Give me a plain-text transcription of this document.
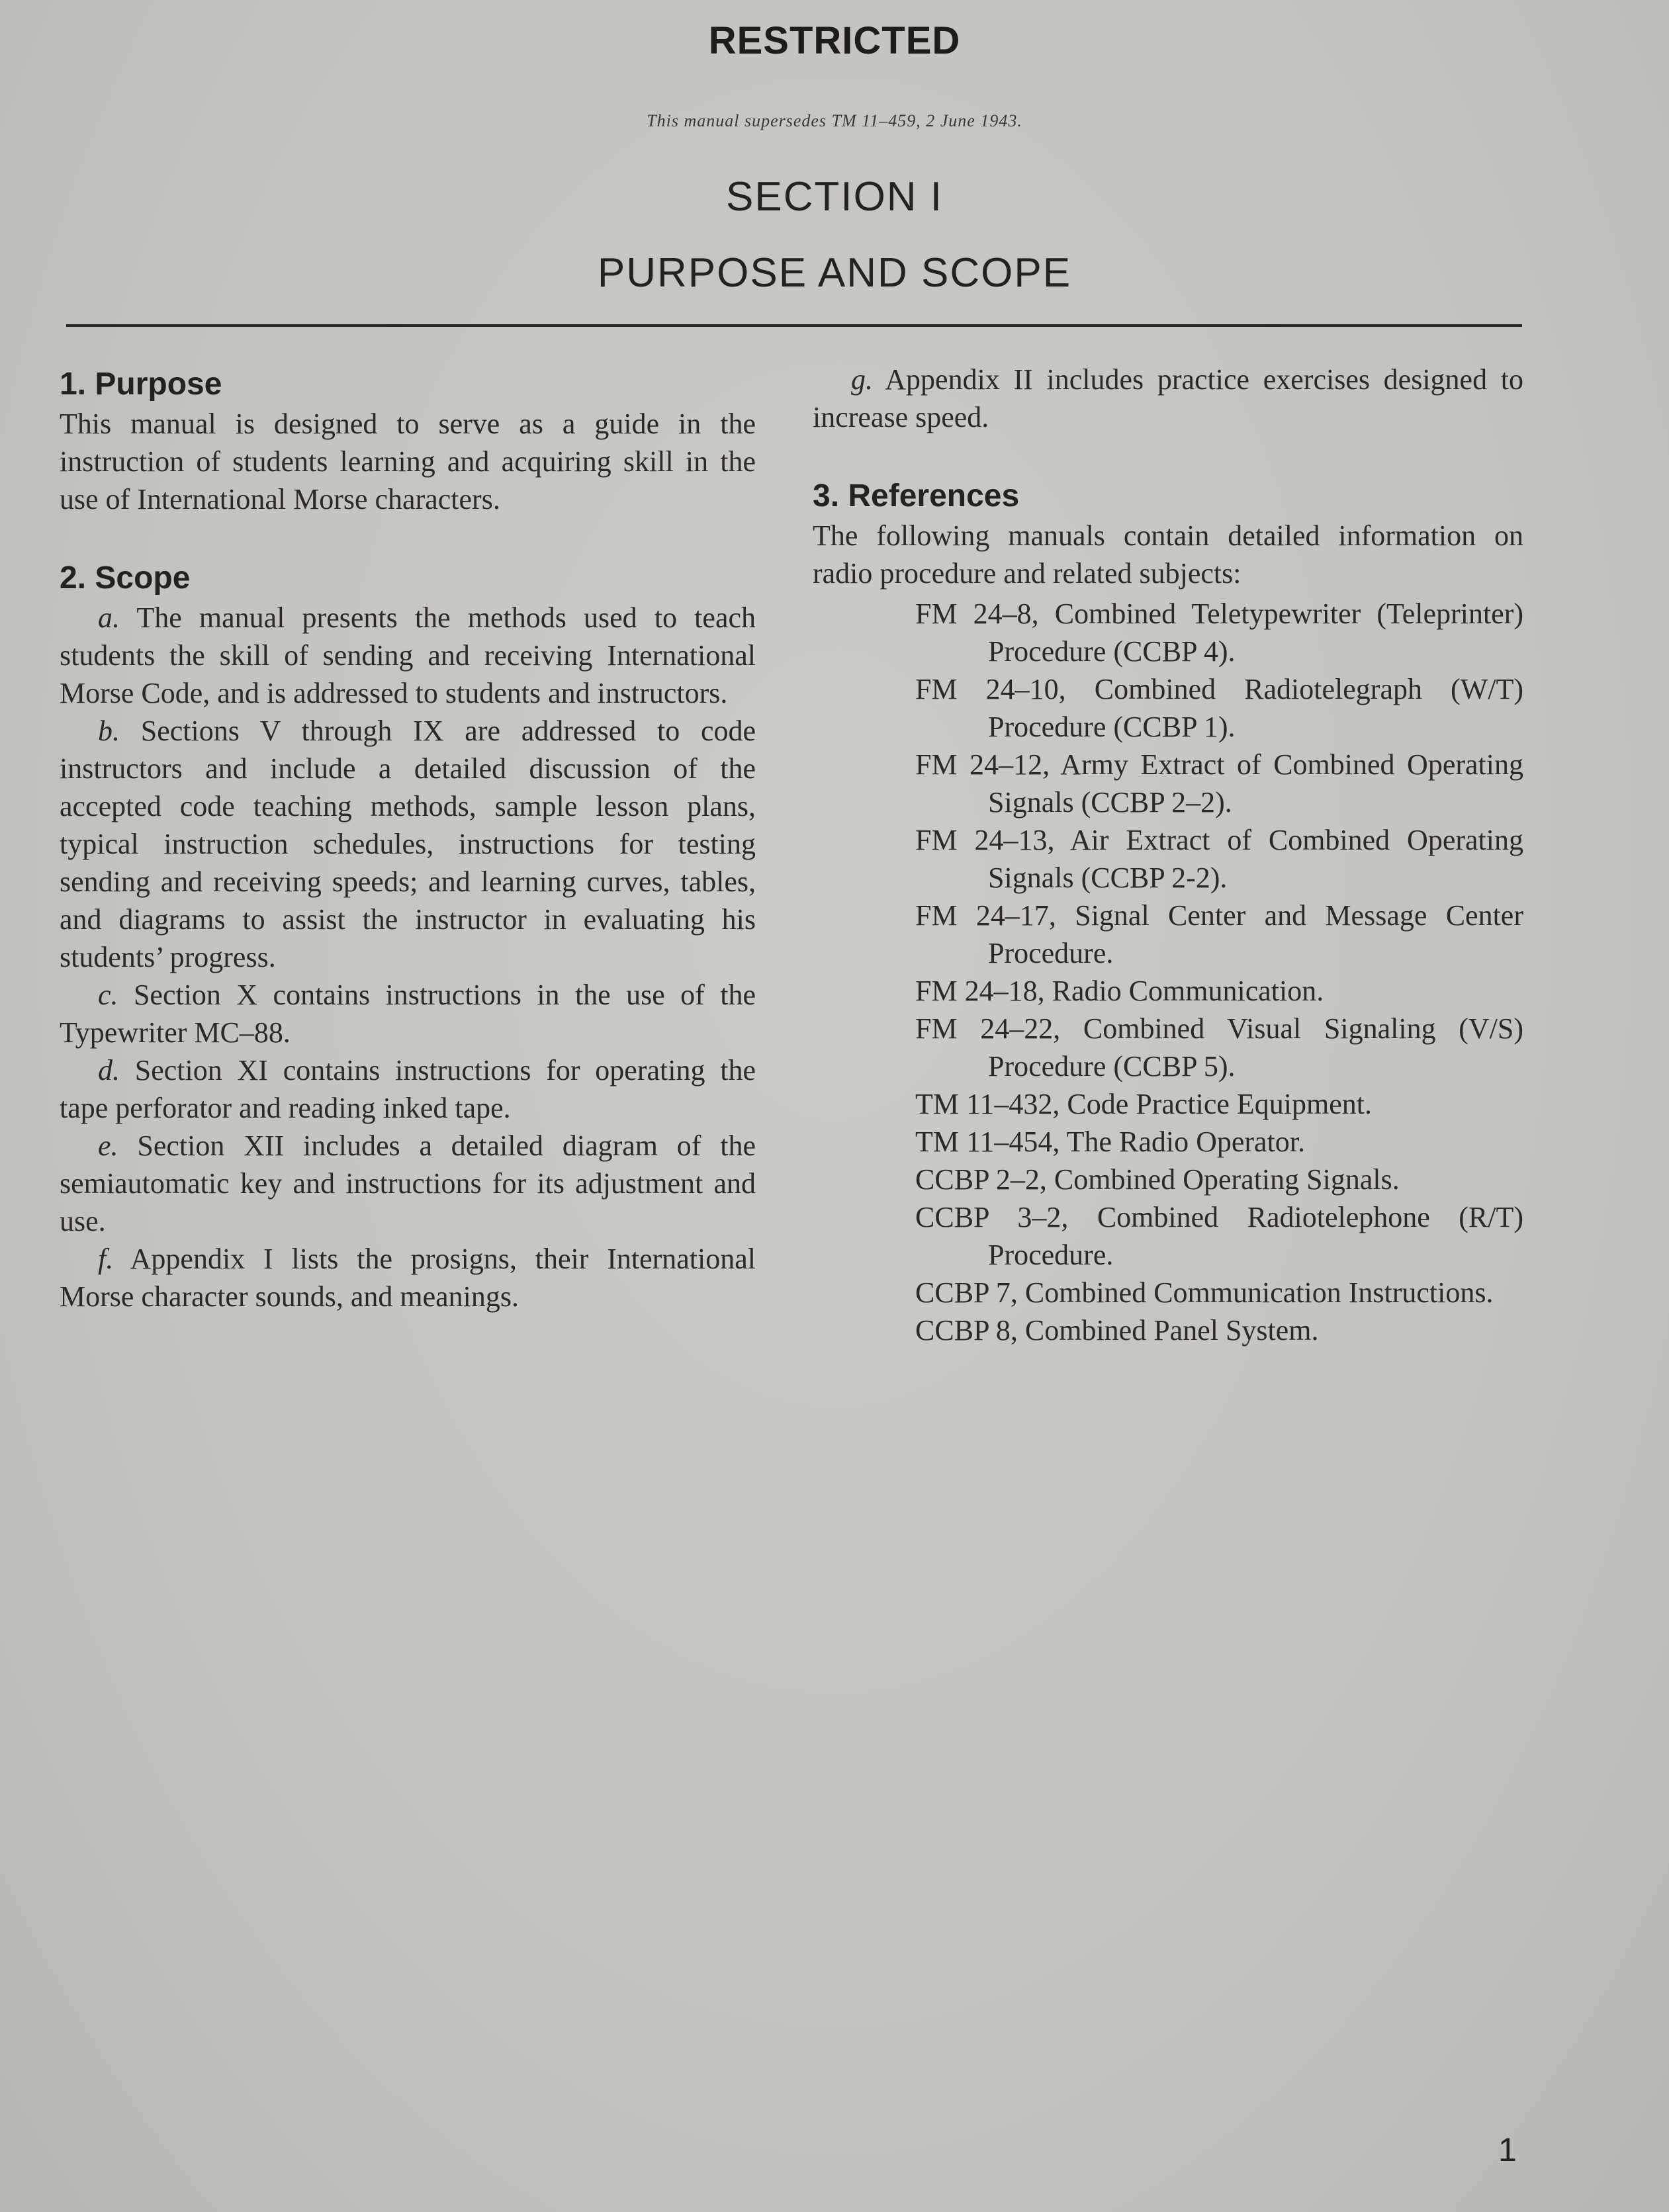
RESTRICTED
This manual supersedes TM 11–459, 2 June 1943.
SECTION I
PURPOSE AND SCOPE
1. Purpose

This manual is designed to serve as a guide in the instruction of students learning and acquiring skill in the use of International Morse characters.

2. Scope

a. The manual presents the methods used to teach students the skill of sending and receiving International Morse Code, and is addressed to students and instructors.

b. Sections V through IX are addressed to code instructors and include a detailed discussion of the accepted code teaching methods, sample lesson plans, typical instruction schedules, instructions for testing sending and receiving speeds; and learning curves, tables, and diagrams to assist the instructor in evaluating his students’ progress.

c. Section X contains instructions in the use of the Typewriter MC–88.

d. Section XI contains instructions for operating the tape perforator and reading inked tape.

e. Section XII includes a detailed diagram of the semiautomatic key and instructions for its adjustment and use.

f. Appendix I lists the prosigns, their International Morse character sounds, and meanings.

g. Appendix II includes practice exercises designed to increase speed.

3. References

The following manuals contain detailed information on radio procedure and related subjects:

FM 24–8, Combined Teletypewriter (Teleprinter) Procedure (CCBP 4).

FM 24–10, Combined Radiotelegraph (W/T) Procedure (CCBP 1).

FM 24–12, Army Extract of Combined Operating Signals (CCBP 2–2).

FM 24–13, Air Extract of Combined Operating Signals (CCBP 2-2).

FM 24–17, Signal Center and Message Center Procedure.

FM 24–18, Radio Communication.

FM 24–22, Combined Visual Signaling (V/S) Procedure (CCBP 5).

TM 11–432, Code Practice Equipment.

TM 11–454, The Radio Operator.

CCBP 2–2, Combined Operating Signals.

CCBP 3–2, Combined Radiotelephone (R/T) Procedure.

CCBP 7, Combined Communication Instructions.

CCBP 8, Combined Panel System.

1
